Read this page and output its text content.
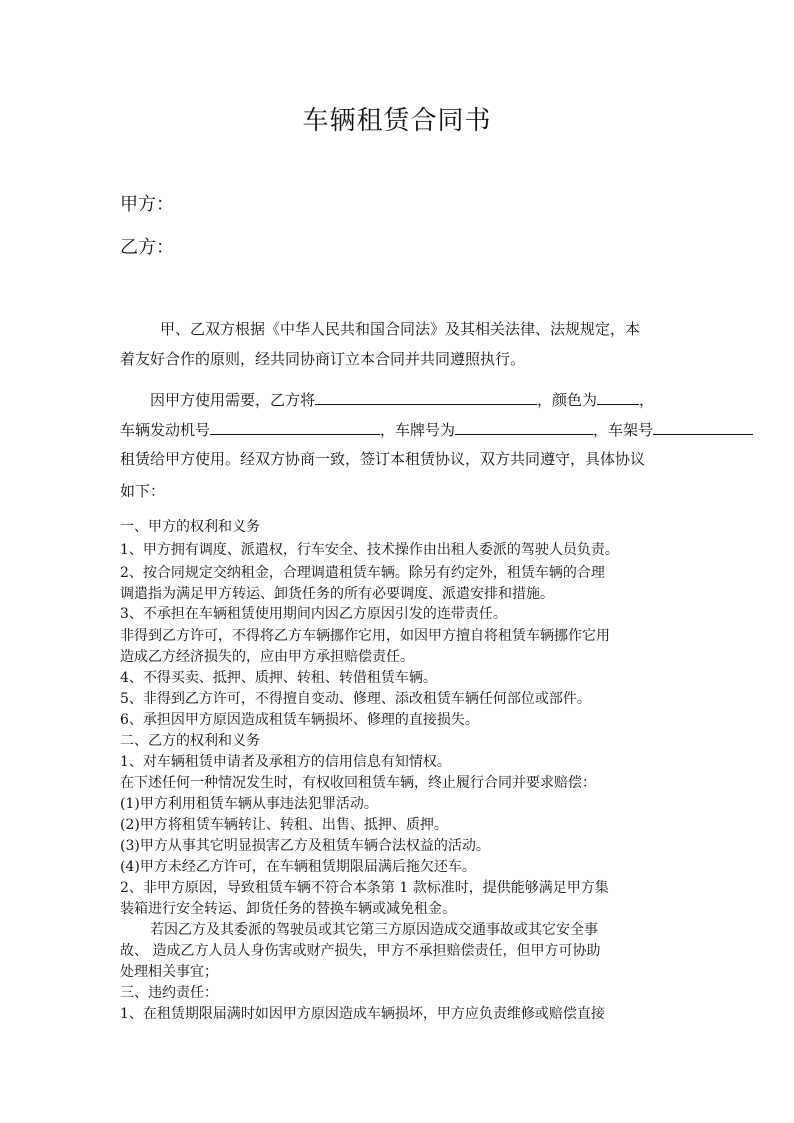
车辆租赁合同书
甲方：
乙方：
甲、乙双方根据《中华人民共和国合同法》及其相关法律、法规规定，本
着友好合作的原则，经共同协商订立本合同并共同遵照执行。
因甲方使用需要，乙方将	，颜色为	，
车辆发动机号	，车牌号为	，车架号
租赁给甲方使用。经双方协商一致，签订本租赁协议，双方共同遵守，具体协议
如下：
一、甲方的权利和义务
1、甲方拥有调度、派遣权，行车安全、技术操作由出租人委派的驾驶人员负责。
2、按合同规定交纳租金，合理调遣租赁车辆。除另有约定外，租赁车辆的合理
调遣指为满足甲方转运、卸货任务的所有必要调度、派遣安排和措施。
3、不承担在车辆租赁使用期间内因乙方原因引发的连带责任。
非得到乙方许可，不得将乙方车辆挪作它用，如因甲方擅自将租赁车辆挪作它用
造成乙方经济损失的，应由甲方承担赔偿责任。
4、不得买卖、抵押、质押、转租、转借租赁车辆。
5、非得到乙方许可，不得擅自变动、修理、添改租赁车辆任何部位或部件。
6、承担因甲方原因造成租赁车辆损坏、修理的直接损失。
二、乙方的权利和义务
1、对车辆租赁申请者及承租方的信用信息有知情权。
在下述任何一种情况发生时，有权收回租赁车辆，终止履行合同并要求赔偿：
(1)甲方利用租赁车辆从事违法犯罪活动。
(2)甲方将租赁车辆转让、转租、出售、抵押、质押。
(3)甲方从事其它明显损害乙方及租赁车辆合法权益的活动。
(4)甲方未经乙方许可，在车辆租赁期限届满后拖欠还车。
2、非甲方原因，导致租赁车辆不符合本条第 1 款标准时，提供能够满足甲方集
装箱进行安全转运、卸货任务的替换车辆或减免租金。
若因乙方及其委派的驾驶员或其它第三方原因造成交通事故或其它安全事
故、 造成乙方人员人身伤害或财产损失，甲方不承担赔偿责任，但甲方可协助
处理相关事宜；
三、违约责任：
1、在租赁期限届满时如因甲方原因造成车辆损坏，甲方应负责维修或赔偿直接
